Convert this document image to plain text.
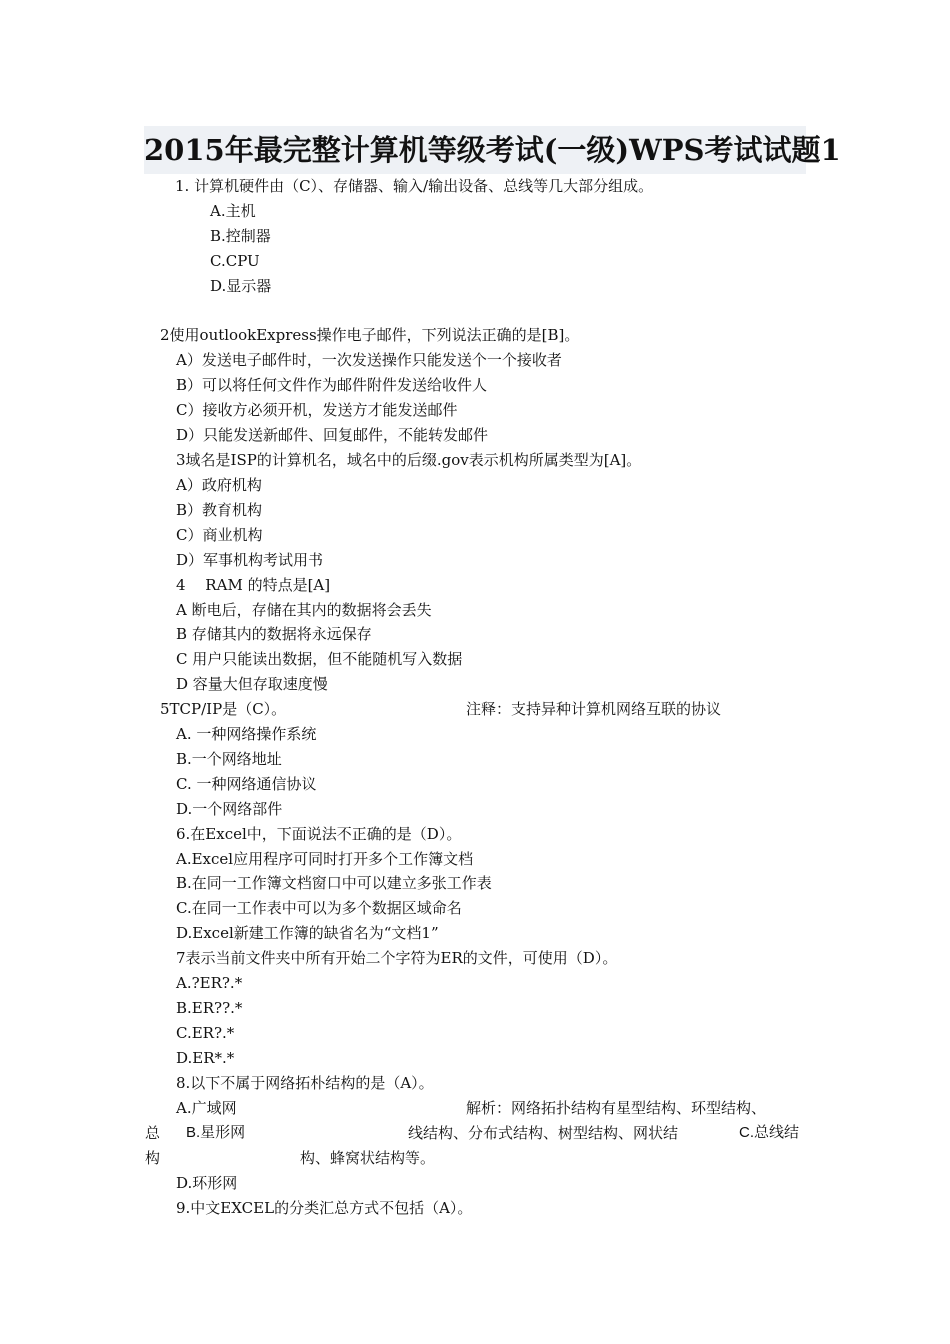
2015年最完整计算机等级考试(一级)WPS考试试题1
1. 计算机硬件由（C）、存储器、输入/输出设备、总线等几大部分组成。
A.主机
B.控制器
C.CPU
D.显示器
2使用outlookExpress操作电子邮件，下列说法正确的是[B]。
A）发送电子邮件时，一次发送操作只能发送个一个接收者
B）可以将任何文件作为邮件附件发送给收件人
C）接收方必须开机，发送方才能发送邮件
D）只能发送新邮件、回复邮件，不能转发邮件
3域名是ISP的计算机名，域名中的后缀.gov表示机构所属类型为[A]。
A）政府机构
B）教育机构
C）商业机构
D）军事机构考试用书
4　 RAM 的特点是[A]
A 断电后，存储在其内的数据将会丢失
B 存储其内的数据将永远保存
C 用户只能读出数据，但不能随机写入数据
D 容量大但存取速度慢
5TCP/IP是（C）。	注释：支持异种计算机网络互联的协议
A. 一种网络操作系统
B.一个网络地址
C. 一种网络通信协议
D.一个网络部件
6.在Excel中，下面说法不正确的是（D）。
A.Excel应用程序可同时打开多个工作簿文档
B.在同一工作簿文档窗口中可以建立多张工作表
C.在同一工作表中可以为多个数据区域命名
D.Excel新建工作簿的缺省名为“文档1”
7表示当前文件夹中所有开始二个字符为ER的文件，可使用（D）。
A.?ER?.*
B.ER??.*
C.ER?.*
D.ER*.*
8.以下不属于网络拓朴结构的是（A）。
A.广域网	解析：网络拓扑结构有星型结构、环型结构、
总 B.星形网	线结构、分布式结构、树型结构、网状结	C.总线结
构	构、蜂窝状结构等。
D.环形网
9.中文EXCEL的分类汇总方式不包括（A）。
